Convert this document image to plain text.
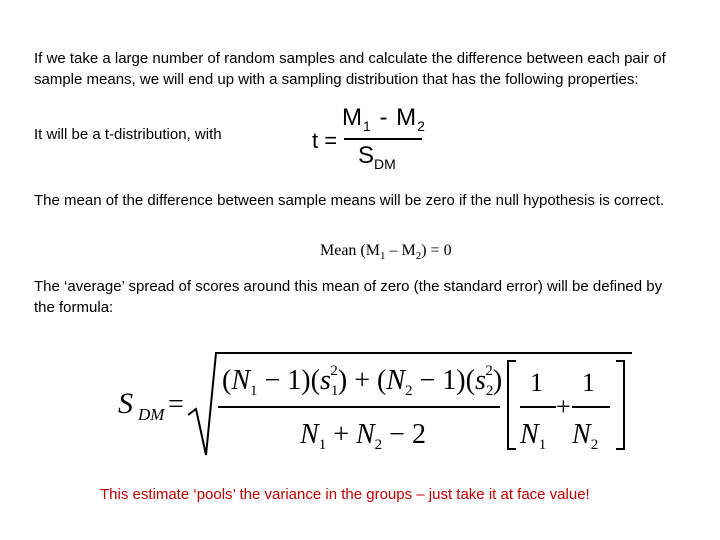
If we take a large number of random samples and calculate the difference between each pair of sample means, we will end up with a sampling distribution that has the following properties:
It will be a t-distribution, with	t =
$M_1 - M_2$
$S_{DM}$
The mean of the difference between sample means will be zero if the null hypothesis is correct.
Mean $(M_1 - M_2) = 0$
The ‘average’ spread of scores around this mean of zero (the standard error) will be defined by the formula:
S DM =
$(N_1 - 1)(s_12) + (N_2 - 1)(s_22)$
$N_1 + N_2 - 2$
1
$N_1$
+
1
$N_2$
This estimate ‘pools’ the variance in the groups – just take it at face value!
